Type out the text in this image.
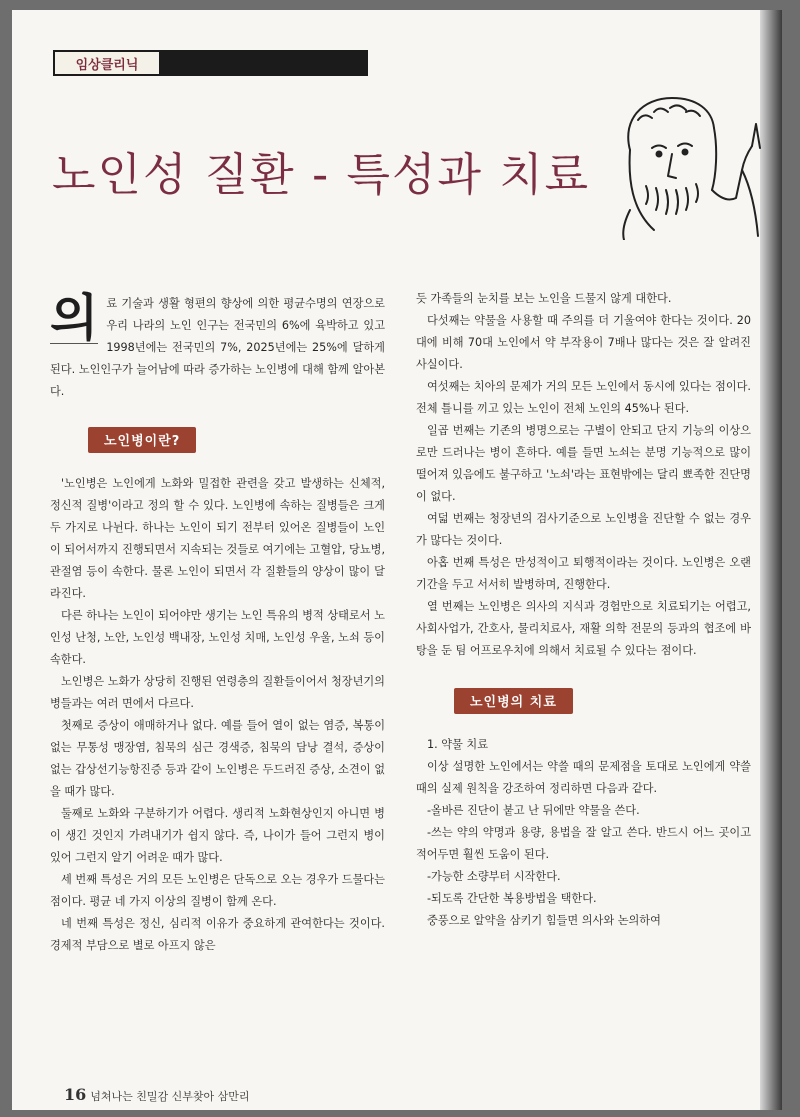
임상클리닉
노인성 질환 - 특성과 치료
의 료 기술과 생활 형편의 향상에 의한 평균수명의 연장으로 우리 나라의 노인 인구는 전국민의 6%에 육박하고 있고 1998년에는 전국민의 7%, 2025년에는 25%에 달하게 된다. 노인인구가 늘어남에 따라 증가하는 노인병에 대해 함께 알아본다.

노인병이란?

'노인병은 노인에게 노화와 밀접한 관련을 갖고 발생하는 신체적, 정신적 질병'이라고 정의 할 수 있다. 노인병에 속하는 질병들은 크게 두 가지로 나뉜다. 하나는 노인이 되기 전부터 있어온 질병들이 노인이 되어서까지 진행되면서 지속되는 것들로 여기에는 고혈압, 당뇨병, 관절염 등이 속한다. 물론 노인이 되면서 각 질환들의 양상이 많이 달라진다.

다른 하나는 노인이 되어야만 생기는 노인 특유의 병적 상태로서 노인성 난청, 노안, 노인성 백내장, 노인성 치매, 노인성 우울, 노쇠 등이 속한다.

노인병은 노화가 상당히 진행된 연령층의 질환들이어서 청장년기의 병들과는 여러 면에서 다르다.

첫째로 증상이 애매하거나 없다. 예를 들어 열이 없는 염증, 복통이 없는 무통성 맹장염, 침묵의 심근 경색증, 침묵의 담낭 결석, 증상이 없는 갑상선기능항진증 등과 같이 노인병은 두드러진 증상, 소견이 없을 때가 많다.

둘째로 노화와 구분하기가 어렵다. 생리적 노화현상인지 아니면 병이 생긴 것인지 가려내기가 쉽지 않다. 즉, 나이가 들어 그런지 병이 있어 그런지 알기 어려운 때가 많다.

세 번째 특성은 거의 모든 노인병은 단독으로 오는 경우가 드물다는 점이다. 평균 네 가지 이상의 질병이 함께 온다.

네 번째 특성은 정신, 심리적 이유가 중요하게 관여한다는 것이다. 경제적 부담으로 별로 아프지 않은

듯 가족들의 눈치를 보는 노인을 드물지 않게 대한다.

다섯째는 약물을 사용할 때 주의를 더 기울여야 한다는 것이다. 20대에 비해 70대 노인에서 약 부작용이 7배나 많다는 것은 잘 알려진 사실이다.

여섯째는 치아의 문제가 거의 모든 노인에서 동시에 있다는 점이다. 전체 틀니를 끼고 있는 노인이 전체 노인의 45%나 된다.

일곱 번째는 기존의 병명으로는 구별이 안되고 단지 기능의 이상으로만 드러나는 병이 흔하다. 예를 들면 노쇠는 분명 기능적으로 많이 떨어져 있음에도 불구하고 '노쇠'라는 표현밖에는 달리 뾰족한 진단명이 없다.

여덟 번째는 청장년의 검사기준으로 노인병을 진단할 수 없는 경우가 많다는 것이다.

아홉 번째 특성은 만성적이고 퇴행적이라는 것이다. 노인병은 오랜 기간을 두고 서서히 발병하며, 진행한다.

열 번째는 노인병은 의사의 지식과 경험만으로 치료되기는 어렵고, 사회사업가, 간호사, 물리치료사, 재활 의학 전문의 등과의 협조에 바탕을 둔 팀 어프로우치에 의해서 치료될 수 있다는 점이다.

노인병의 치료

1. 약물 치료

이상 설명한 노인에서는 약쓸 때의 문제점을 토대로 노인에게 약쓸 때의 실제 원칙을 강조하여 정리하면 다음과 같다.

-올바른 진단이 붙고 난 뒤에만 약물을 쓴다.

-쓰는 약의 약명과 용량, 용법을 잘 알고 쓴다. 반드시 어느 곳이고 적어두면 훨씬 도움이 된다.

-가능한 소량부터 시작한다.

-되도록 간단한 복용방법을 택한다.

중풍으로 알약을 삼키기 힘들면 의사와 논의하여

16 넘쳐나는 친밀감 신부찾아 삼만리
